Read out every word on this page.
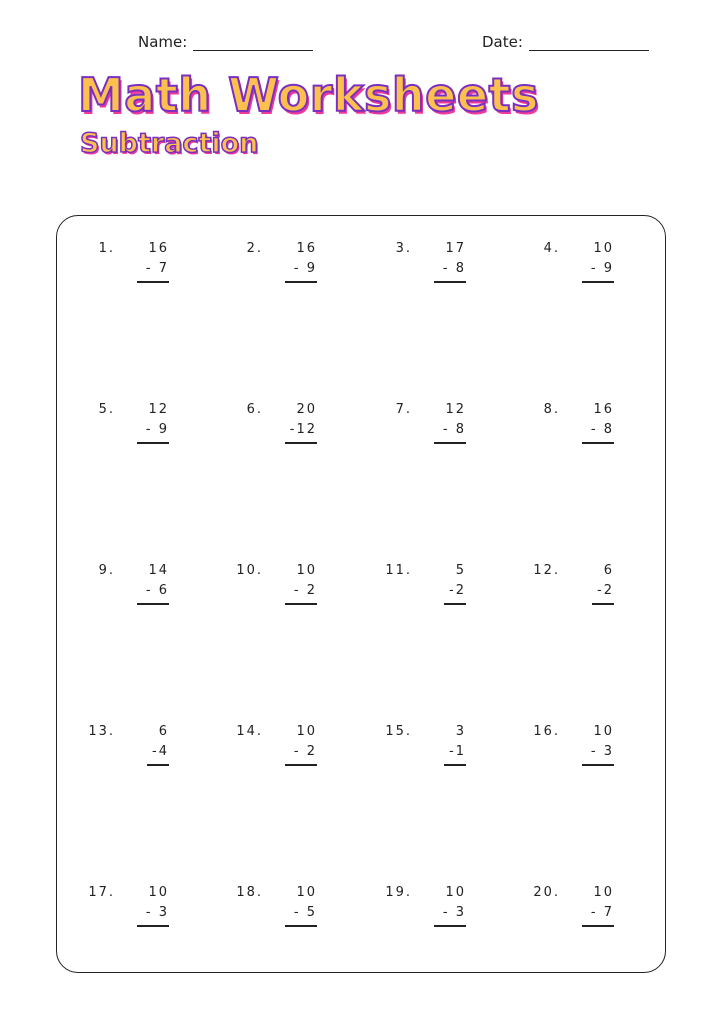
Name:	Date:
Math Worksheets
Subtraction
1.	16
- 7
2.	16
- 9
3.	17
- 8
4.	10
- 9
5.	12
- 9
6.	20
-12
7.	12
- 8
8.	16
- 8
9.	14
- 6
10.	10
- 2
11.	5
-2
12.	6
-2
13.	6
-4
14.	10
- 2
15.	3
-1
16.	10
- 3
17.	10
- 3
18.	10
- 5
19.	10
- 3
20.	10
- 7
